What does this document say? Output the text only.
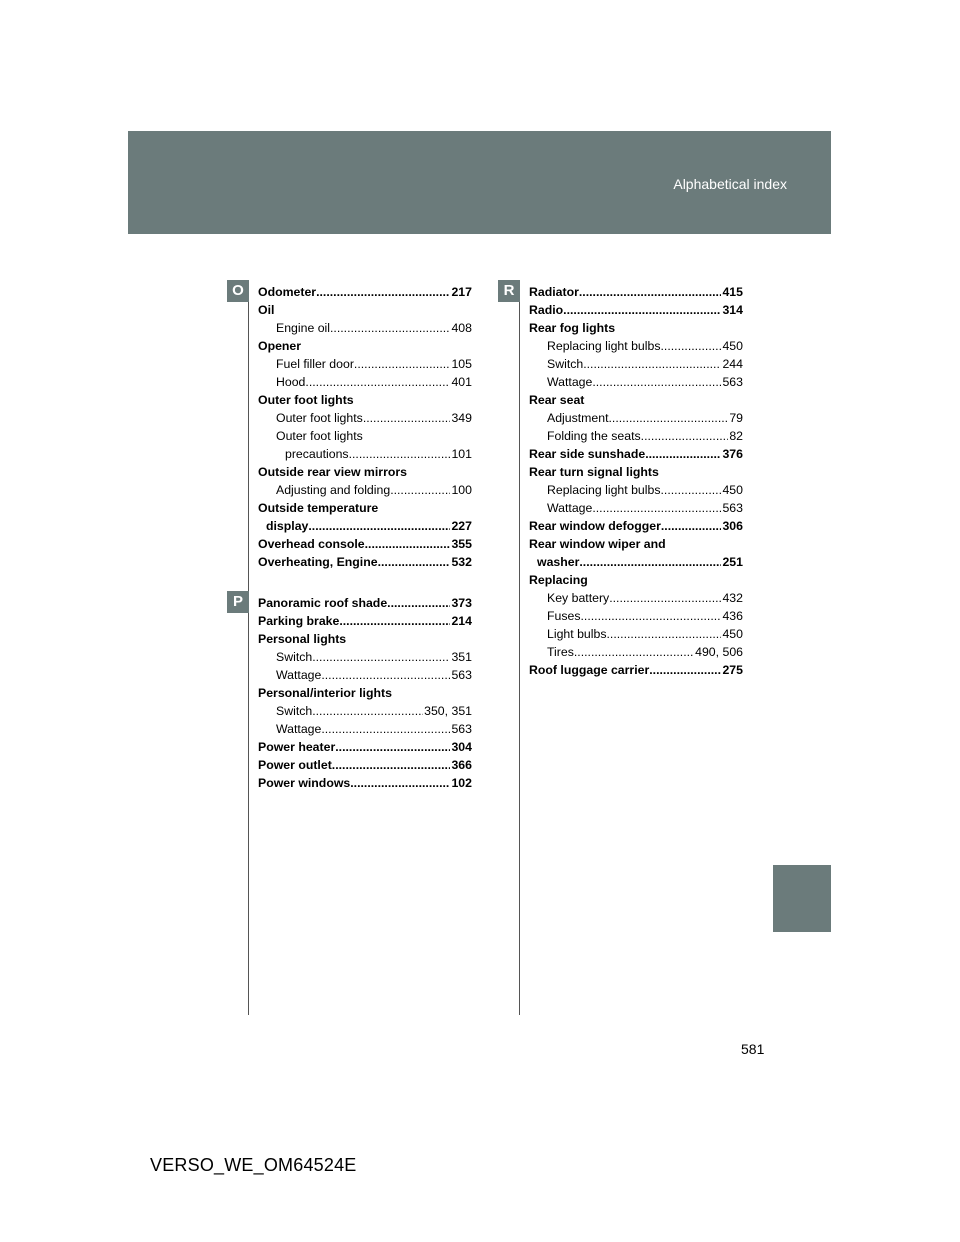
Alphabetical index
O
P
R
Odometer .....	217
Oil
Engine oil .....	408
Opener
Fuel filler door .....	105
Hood .....	401
Outer foot lights
Outer foot lights .....	349
Outer foot lights
precautions .....	101
Outside rear view mirrors
Adjusting and folding .....	100
Outside temperature
display .....	227
Overhead console .....	355
Overheating, Engine .....	532
Panoramic roof shade .....	373
Parking brake .....	214
Personal lights
Switch .....	351
Wattage .....	563
Personal/interior lights
Switch .....	350, 351
Wattage .....	563
Power heater .....	304
Power outlet .....	366
Power windows .....	102
Radiator .....	415
Radio .....	314
Rear fog lights
Replacing light bulbs .....	450
Switch .....	244
Wattage .....	563
Rear seat
Adjustment .....	79
Folding the seats .....	82
Rear side sunshade .....	376
Rear turn signal lights
Replacing light bulbs .....	450
Wattage .....	563
Rear window defogger .....	306
Rear window wiper and
washer .....	251
Replacing
Key battery .....	432
Fuses .....	436
Light bulbs .....	450
Tires .....	490, 506
Roof luggage carrier .....	275
581
VERSO_WE_OM64524E
